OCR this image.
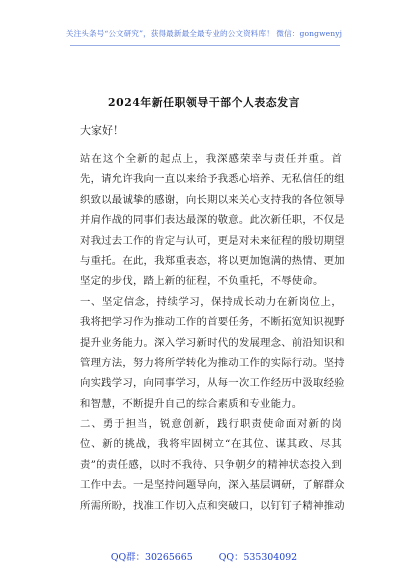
关注头条号“公文研究”，获得最新最全最专业的公文资料库！ 微信：gongwenyj
2024年新任职领导干部个人表态发言
大家好！
站在这个全新的起点上，我深感荣幸与责任并重。首
先，请允许我向一直以来给予我悉心培养、无私信任的组
织致以最诚挚的感谢，向长期以来关心支持我的各位领导
并肩作战的同事们表达最深的敬意。此次新任职，不仅是
对我过去工作的肯定与认可，更是对未来征程的殷切期望
与重托。在此，我郑重表态，将以更加饱满的热情、更加
坚定的步伐，踏上新的征程，不负重托，不辱使命。
一、坚定信念，持续学习，保持成长动力在新岗位上，
我将把学习作为推动工作的首要任务，不断拓宽知识视野
提升业务能力。深入学习新时代的发展理念、前沿知识和
管理方法，努力将所学转化为推动工作的实际行动。坚持
向实践学习，向同事学习，从每一次工作经历中汲取经验
和智慧，不断提升自己的综合素质和专业能力。
二、勇于担当，锐意创新，践行职责使命面对新的岗
位、新的挑战，我将牢固树立“在其位、谋其政、尽其
责”的责任感，以时不我待、只争朝夕的精神状态投入到
工作中去。一是坚持问题导向，深入基层调研，了解群众
所需所盼，找准工作切入点和突破口，以钉钉子精神推动
QQ群：30265665	QQ：535304092
